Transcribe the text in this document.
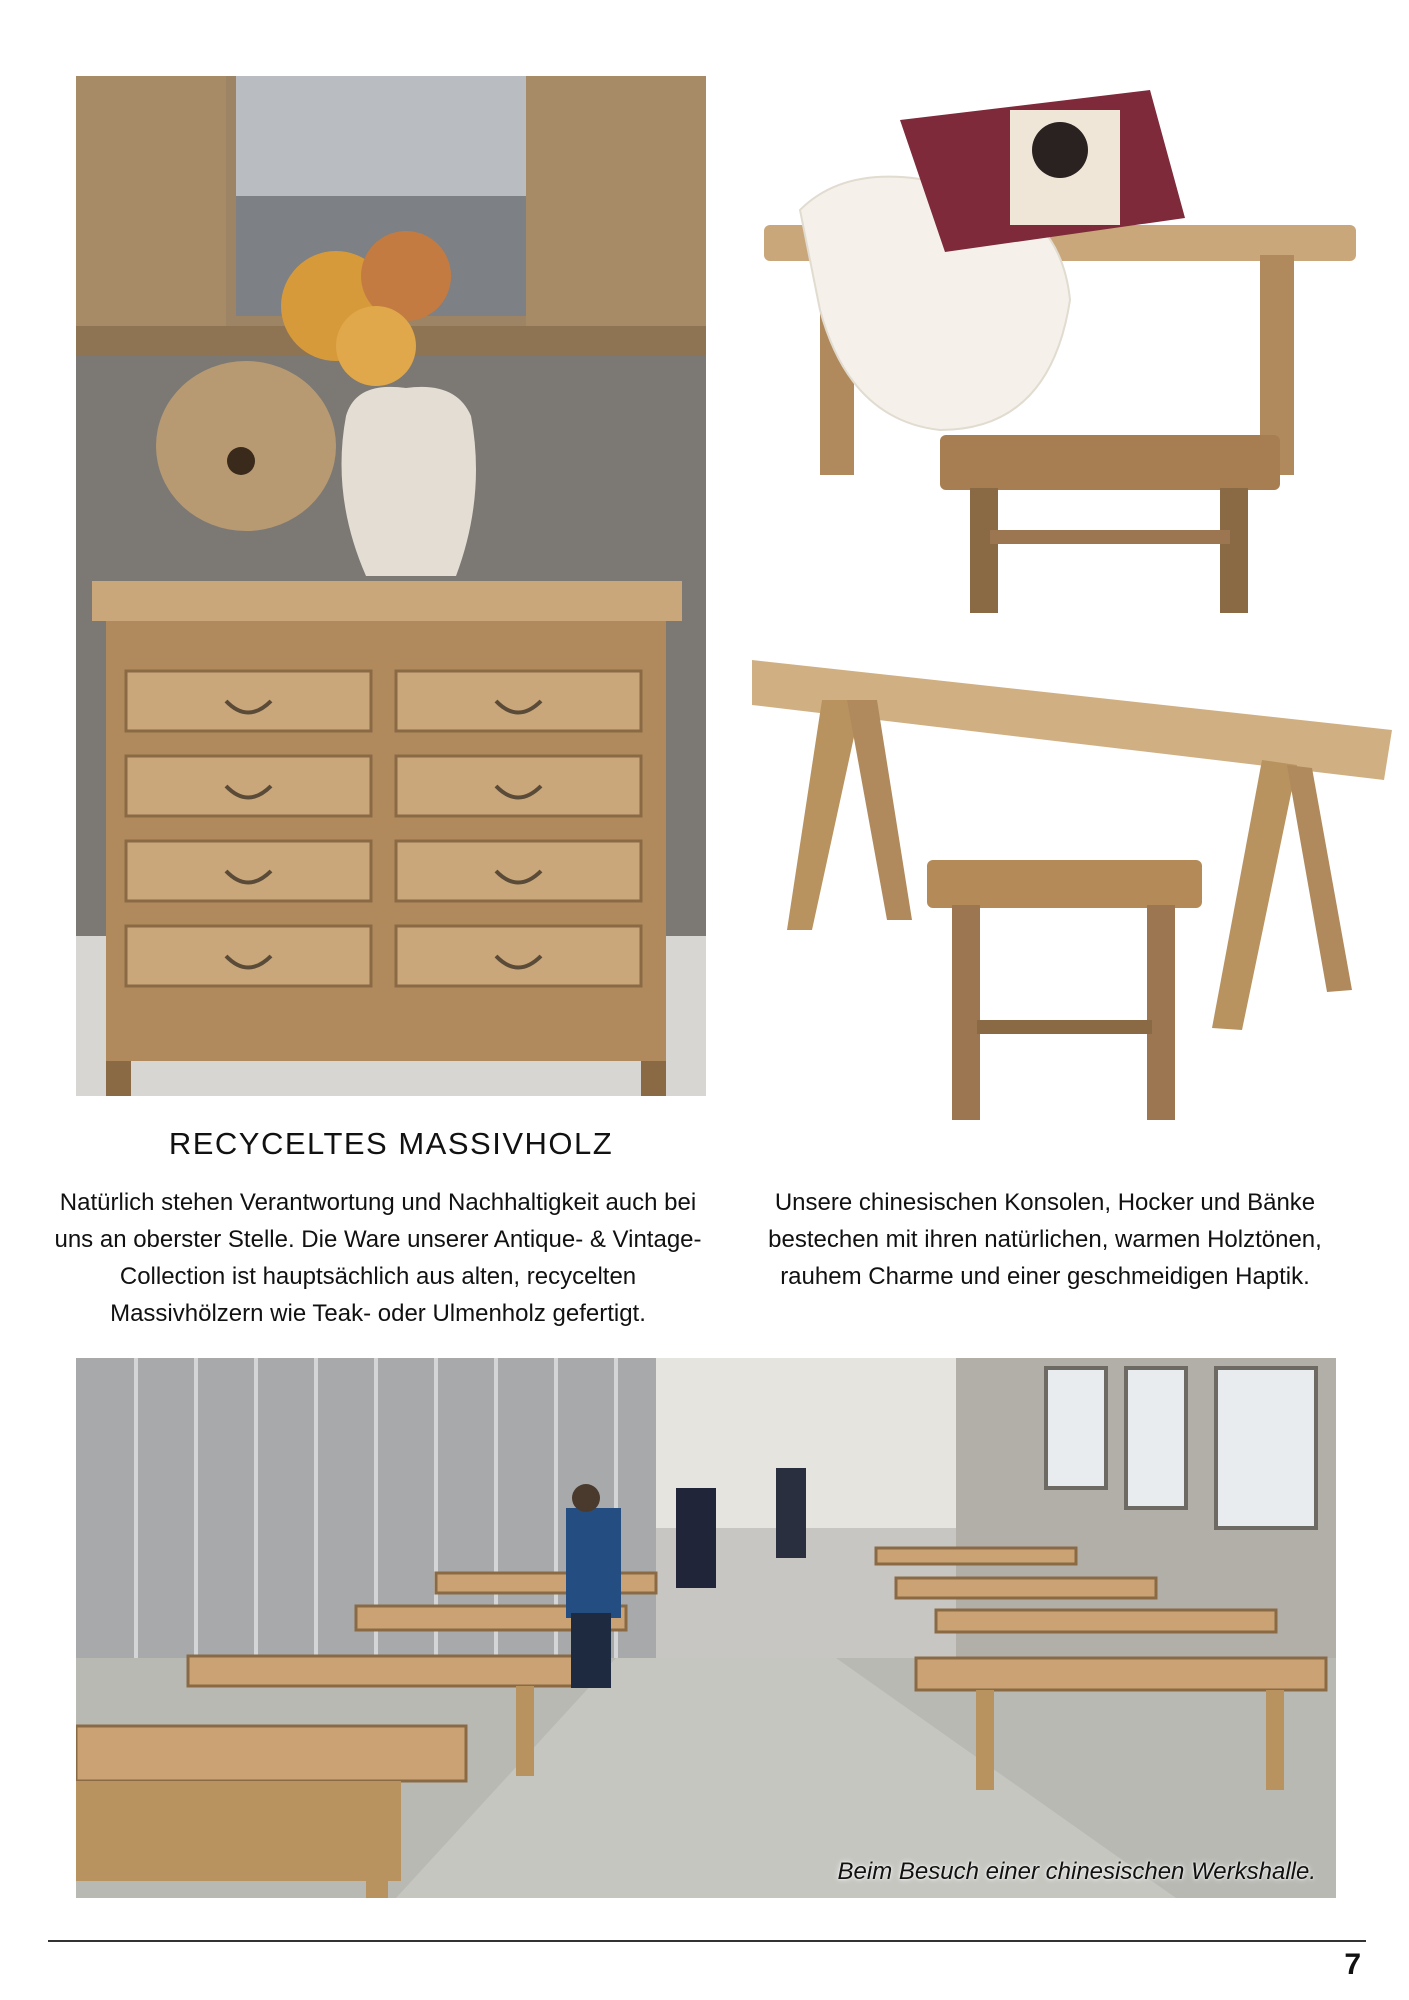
RECYCELTES MASSIVHOLZ
Natürlich stehen Verantwortung und Nachhaltigkeit auch bei uns an oberster Stelle. Die Ware unserer Antique- & Vintage-Collection ist hauptsächlich aus alten, recycelten Massivhölzern wie Teak- oder Ulmenholz gefertigt.
Unsere chinesischen Konsolen, Hocker und Bänke bestechen mit ihren natürlichen, warmen Holztönen, rauhem Charme und einer geschmeidigen Haptik.
Beim Besuch einer chinesischen Werkshalle.
7
